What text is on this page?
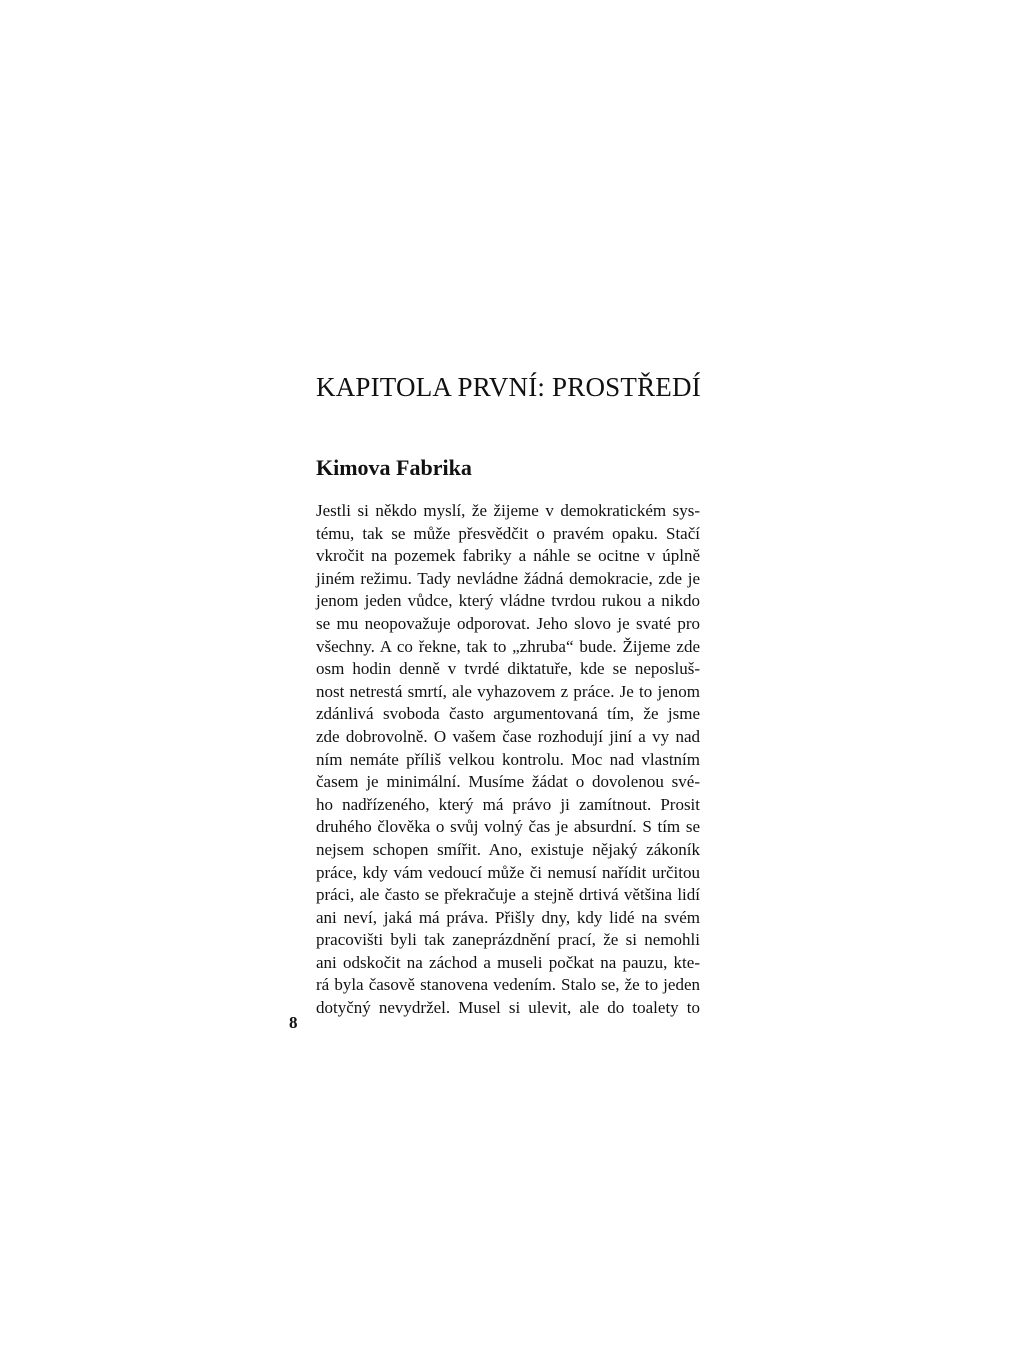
KAPITOLA PRVNÍ: PROSTŘEDÍ
Kimova Fabrika
Jestli si někdo myslí, že žijeme v demokratickém sys-
tému, tak se může přesvědčit o pravém opaku. Stačí
vkročit na pozemek fabriky a náhle se ocitne v úplně
jiném režimu. Tady nevládne žádná demokracie, zde je
jenom jeden vůdce, který vládne tvrdou rukou a nikdo
se mu neopovažuje odporovat. Jeho slovo je svaté pro
všechny. A co řekne, tak to „zhruba“ bude. Žijeme zde
osm hodin denně v tvrdé diktatuře, kde se neposluš-
nost netrestá smrtí, ale vyhazovem z práce. Je to jenom
zdánlivá svoboda často argumentovaná tím, že jsme
zde dobrovolně. O vašem čase rozhodují jiní a vy nad
ním nemáte příliš velkou kontrolu. Moc nad vlastním
časem je minimální. Musíme žádat o dovolenou své-
ho nadřízeného, který má právo ji zamítnout. Prosit
druhého člověka o svůj volný čas je absurdní. S tím se
nejsem schopen smířit. Ano, existuje nějaký zákoník
práce, kdy vám vedoucí může či nemusí nařídit určitou
práci, ale často se překračuje a stejně drtivá většina lidí
ani neví, jaká má práva. Přišly dny, kdy lidé na svém
pracovišti byli tak zaneprázdnění prací, že si nemohli
ani odskočit na záchod a museli počkat na pauzu, kte-
rá byla časově stanovena vedením. Stalo se, že to jeden
dotyčný nevydržel. Musel si ulevit, ale do toalety to
8
